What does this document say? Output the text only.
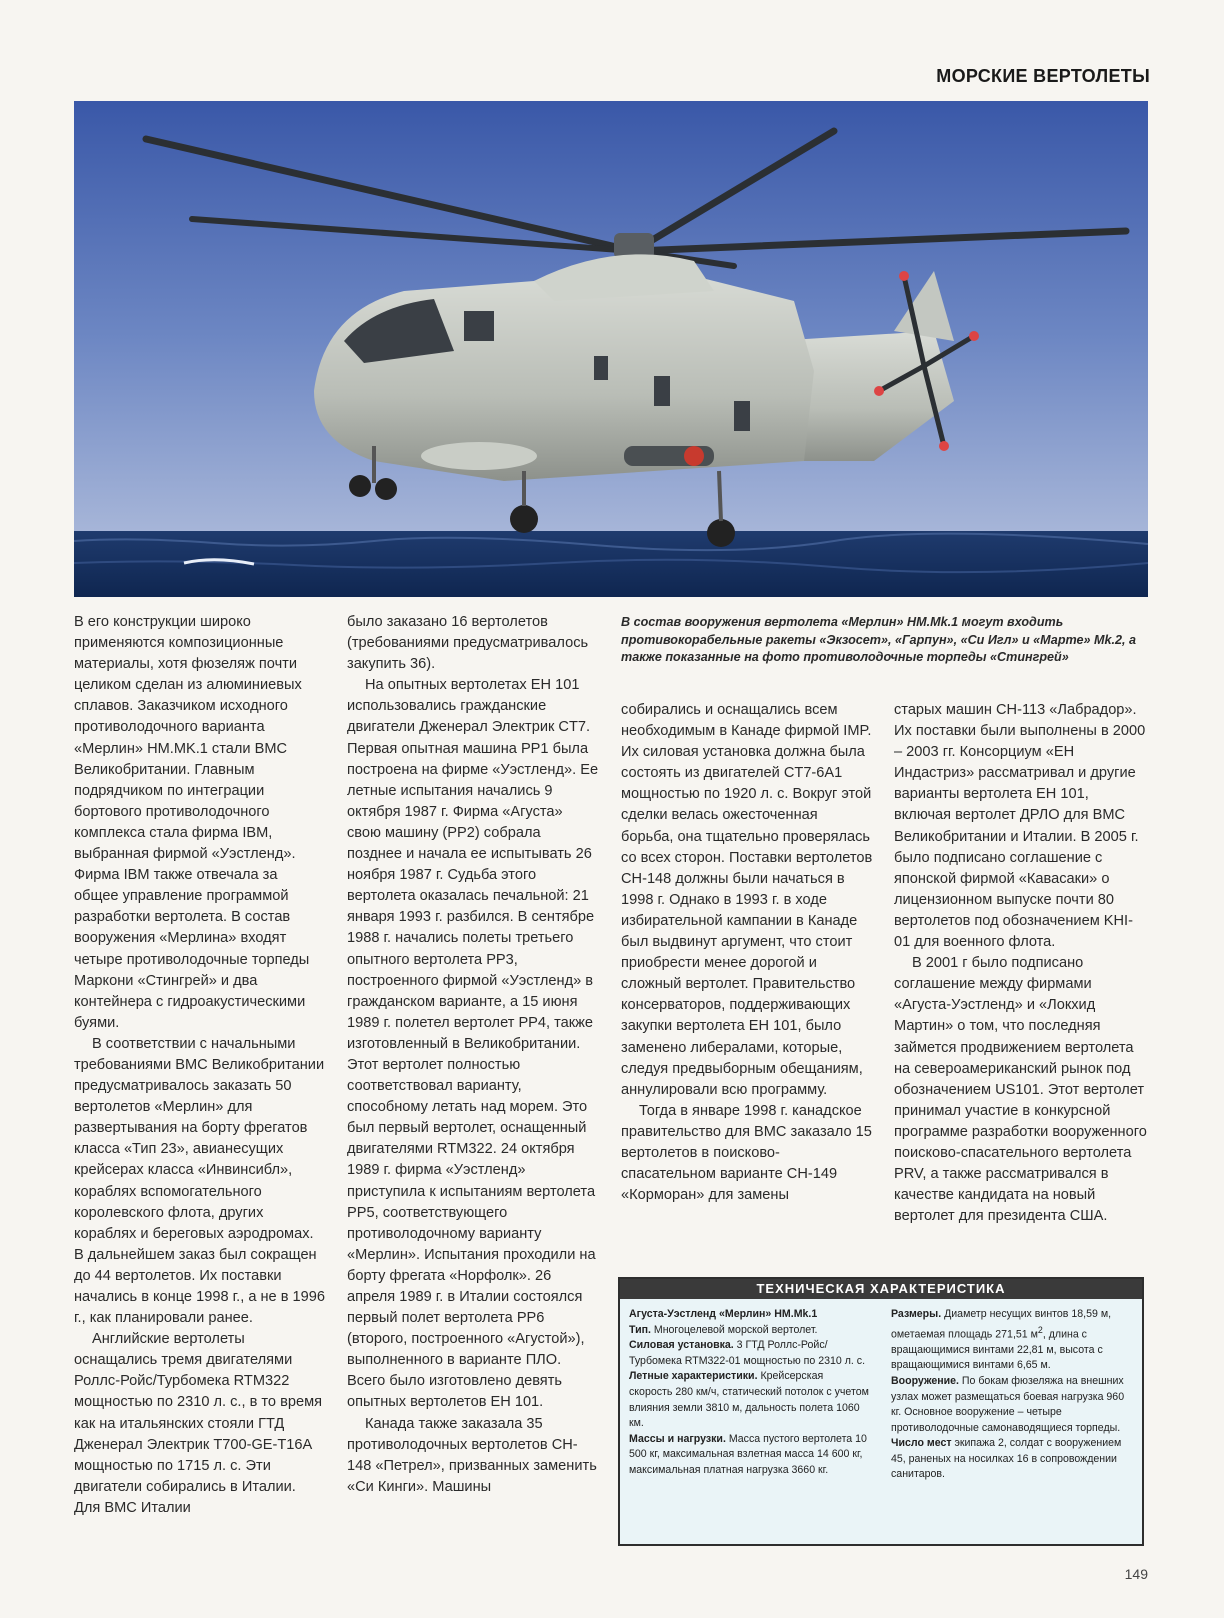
МОРСКИЕ ВЕРТОЛЕТЫ

В его конструкции широко применяются композиционные материалы, хотя фюзеляж почти целиком сделан из алюминиевых сплавов. Заказчиком исходного противолодочного варианта «Мерлин» HM.MK.1 стали ВМС Великобритании. Главным подрядчиком по интеграции бортового противолодочного комплекса стала фирма IBM, выбранная фирмой «Уэстленд». Фирма IBM также отвечала за общее управление программой разработки вертолета. В состав вооружения «Мерлина» входят четыре противолодочные торпеды Маркони «Стингрей» и два контейнера с гидроакустическими буями.

В соответствии с начальными требованиями ВМС Великобритании предусматривалось заказать 50 вертолетов «Мерлин» для развертывания на борту фрегатов класса «Тип 23», авианесущих крейсерах класса «Инвинсибл», кораблях вспомогательного королевского флота, других кораблях и береговых аэродромах. В дальнейшем заказ был сокращен до 44 вертолетов. Их поставки начались в конце 1998 г., а не в 1996 г., как планировали ранее.

Английские вертолеты оснащались тремя двигателями Роллс-Ройс/Турбомека RTM322 мощностью по 2310 л. с., в то время как на итальянских стояли ГТД Дженерал Электрик T700-GE-T16A мощностью по 1715 л. с. Эти двигатели собирались в Италии. Для ВМС Италии

было заказано 16 вертолетов (требованиями предусматривалось закупить 36).

На опытных вертолетах EH 101 использовались гражданские двигатели Дженерал Электрик CT7. Первая опытная машина PP1 была построена на фирме «Уэстленд». Ее летные испытания начались 9 октября 1987 г. Фирма «Агуста» свою машину (PP2) собрала позднее и начала ее испытывать 26 ноября 1987 г. Судьба этого вертолета оказалась печальной: 21 января 1993 г. разбился. В сентябре 1988 г. начались полеты третьего опытного вертолета PP3, построенного фирмой «Уэстленд» в гражданском варианте, а 15 июня 1989 г. полетел вертолет PP4, также изготовленный в Великобритании. Этот вертолет полностью соответствовал варианту, способному летать над морем. Это был первый вертолет, оснащенный двигателями RTM322. 24 октября 1989 г. фирма «Уэстленд» приступила к испытаниям вертолета PP5, соответствующего противолодочному варианту «Мерлин». Испытания проходили на борту фрегата «Норфолк». 26 апреля 1989 г. в Италии состоялся первый полет вертолета PP6 (второго, построенного «Агустой»), выполненного в варианте ПЛО. Всего было изготовлено девять опытных вертолетов EH 101.

Канада также заказала 35 противолодочных вертолетов CH-148 «Петрел», призванных заменить «Си Кинги». Машины

В состав вооружения вертолета «Мерлин» HM.Mk.1 могут входить противокорабельные ракеты «Экзосет», «Гарпун», «Си Игл» и «Марте» Mk.2, а также показанные на фото противолодочные торпеды «Стингрей»

собирались и оснащались всем необходимым в Канаде фирмой IMP. Их силовая установка должна была состоять из двигателей CT7-6A1 мощностью по 1920 л. с. Вокруг этой сделки велась ожесточенная борьба, она тщательно проверялась со всех сторон. Поставки вертолетов CH-148 должны были начаться в 1998 г. Однако в 1993 г. в ходе избирательной кампании в Канаде был выдвинут аргумент, что стоит приобрести менее дорогой и сложный вертолет. Правительство консерваторов, поддерживающих закупки вертолета EH 101, было заменено либералами, которые, следуя предвыборным обещаниям, аннулировали всю программу.

Тогда в январе 1998 г. канадское правительство для ВМС заказало 15 вертолетов в поисково-спасательном варианте CH-149 «Корморан» для замены

старых машин CH-113 «Лабрадор». Их поставки были выполнены в 2000 – 2003 гг. Консорциум «EH Индастриз» рассматривал и другие варианты вертолета EH 101, включая вертолет ДРЛО для ВМС Великобритании и Италии. В 2005 г. было подписано соглашение с японской фирмой «Кавасаки» о лицензионном выпуске почти 80 вертолетов под обозначением KHI-01 для военного флота.

В 2001 г было подписано соглашение между фирмами «Агуста-Уэстленд» и «Локхид Мартин» о том, что последняя займется продвижением вертолета на североамериканский рынок под обозначением US101. Этот вертолет принимал участие в конкурсной программе разработки вооруженного поисково-спасательного вертолета PRV, а также рассматривался в качестве кандидата на новый вертолет для президента США.

ТЕХНИЧЕСКАЯ ХАРАКТЕРИСТИКА

Агуста-Уэстленд «Мерлин» HM.Mk.1

Тип. Многоцелевой морской вертолет.

Силовая установка. 3 ГТД Роллс-Ройс/Турбомека RTM322-01 мощностью по 2310 л. с.

Летные характеристики. Крейсерская скорость 280 км/ч, статический потолок с учетом влияния земли 3810 м, дальность полета 1060 км.

Массы и нагрузки. Масса пустого вертолета 10 500 кг, максимальная взлетная масса 14 600 кг, максимальная платная нагрузка 3660 кг.

Размеры. Диаметр несущих винтов 18,59 м, ометаемая площадь 271,51 $м^2$, длина с вращающимися винтами 22,81 м, высота с вращающимися винтами 6,65 м.

Вооружение. По бокам фюзеляжа на внешних узлах может размещаться боевая нагрузка 960 кг. Основное вооружение – четыре противолодочные самонаводящиеся торпеды.

Число мест экипажа 2, солдат с вооружением 45, раненых на носилках 16 в сопровождении санитаров.

149
